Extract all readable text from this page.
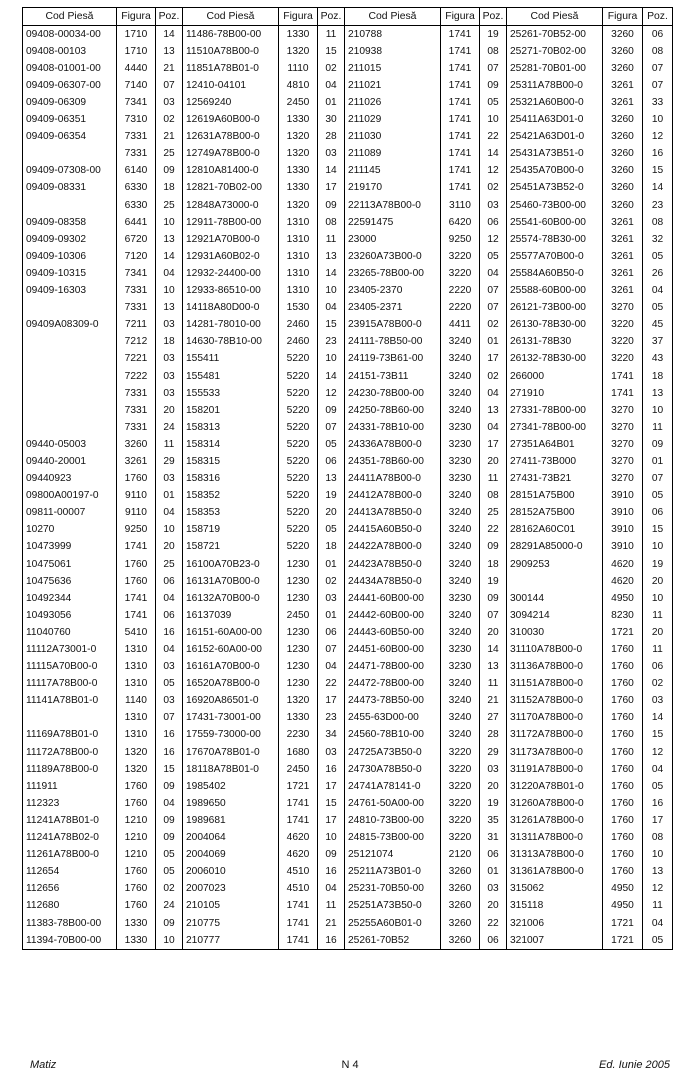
Cod Piesă	Figura	Poz.	Cod Piesă	Figura	Poz.	Cod Piesă	Figura	Poz.	Cod Piesă	Figura	Poz.
09408-00034-00	1710	14	11486-78B00-00	1330	11	210788	1741	19	25261-70B52-00	3260	06
09408-00103	1710	13	11510A78B00-0	1320	15	210938	1741	08	25271-70B02-00	3260	08
09408-01001-00	4440	21	11851A78B01-0	1110	02	211015	1741	07	25281-70B01-00	3260	07
09409-06307-00	7140	07	12410-04101	4810	04	211021	1741	09	25311A78B00-0	3261	07
09409-06309	7341	03	12569240	2450	01	211026	1741	05	25321A60B00-0	3261	33
09409-06351	7310	02	12619A60B00-0	1330	30	211029	1741	10	25411A63D01-0	3260	10
09409-06354	7331	21	12631A78B00-0	1320	28	211030	1741	22	25421A63D01-0	3260	12
	7331	25	12749A78B00-0	1320	03	211089	1741	14	25431A73B51-0	3260	16
09409-07308-00	6140	09	12810A81400-0	1330	14	211145	1741	12	25435A70B00-0	3260	15
09409-08331	6330	18	12821-70B02-00	1330	17	219170	1741	02	25451A73B52-0	3260	14
	6330	25	12848A73000-0	1320	09	22113A78B00-0	3110	03	25460-73B00-00	3260	23
09409-08358	6441	10	12911-78B00-00	1310	08	22591475	6420	06	25541-60B00-00	3261	08
09409-09302	6720	13	12921A70B00-0	1310	11	23000	9250	12	25574-78B30-00	3261	32
09409-10306	7120	14	12931A60B02-0	1310	13	23260A73B00-0	3220	05	25577A70B00-0	3261	05
09409-10315	7341	04	12932-24400-00	1310	14	23265-78B00-00	3220	04	25584A60B50-0	3261	26
09409-16303	7331	10	12933-86510-00	1310	10	23405-2370	2220	07	25588-60B00-00	3261	04
	7331	13	14118A80D00-0	1530	04	23405-2371	2220	07	26121-73B00-00	3270	05
09409A08309-0	7211	03	14281-78010-00	2460	15	23915A78B00-0	4411	02	26130-78B30-00	3220	45
	7212	18	14630-78B10-00	2460	23	24111-78B50-00	3240	01	26131-78B30	3220	37
	7221	03	155411	5220	10	24119-73B61-00	3240	17	26132-78B30-00	3220	43
	7222	03	155481	5220	14	24151-73B11	3240	02	266000	1741	18
	7331	03	155533	5220	12	24230-78B00-00	3240	04	271910	1741	13
	7331	20	158201	5220	09	24250-78B60-00	3240	13	27331-78B00-00	3270	10
	7331	24	158313	5220	07	24331-78B10-00	3230	04	27341-78B00-00	3270	11
09440-05003	3260	11	158314	5220	05	24336A78B00-0	3230	17	27351A64B01	3270	09
09440-20001	3261	29	158315	5220	06	24351-78B60-00	3230	20	27411-73B000	3270	01
09440923	1760	03	158316	5220	13	24411A78B00-0	3230	11	27431-73B21	3270	07
09800A00197-0	9110	01	158352	5220	19	24412A78B00-0	3240	08	28151A75B00	3910	05
09811-00007	9110	04	158353	5220	20	24413A78B50-0	3240	25	28152A75B00	3910	06
10270	9250	10	158719	5220	05	24415A60B50-0	3240	22	28162A60C01	3910	15
10473999	1741	20	158721	5220	18	24422A78B00-0	3240	09	28291A85000-0	3910	10
10475061	1760	25	16100A70B23-0	1230	01	24423A78B50-0	3240	18	2909253	4620	19
10475636	1760	06	16131A70B00-0	1230	02	24434A78B50-0	3240	19		4620	20
10492344	1741	04	16132A70B00-0	1230	03	24441-60B00-00	3230	09	300144	4950	10
10493056	1741	06	16137039	2450	01	24442-60B00-00	3240	07	3094214	8230	11
11040760	5410	16	16151-60A00-00	1230	06	24443-60B50-00	3240	20	310030	1721	20
11112A73001-0	1310	04	16152-60A00-00	1230	07	24451-60B00-00	3230	14	31110A78B00-0	1760	11
11115A70B00-0	1310	03	16161A70B00-0	1230	04	24471-78B00-00	3230	13	31136A78B00-0	1760	06
11117A78B00-0	1310	05	16520A78B00-0	1230	22	24472-78B00-00	3240	11	31151A78B00-0	1760	02
11141A78B01-0	1140	03	16920A86501-0	1320	17	24473-78B50-00	3240	21	31152A78B00-0	1760	03
	1310	07	17431-73001-00	1330	23	2455-63D00-00	3240	27	31170A78B00-0	1760	14
11169A78B01-0	1310	16	17559-73000-00	2230	34	24560-78B10-00	3240	28	31172A78B00-0	1760	15
11172A78B00-0	1320	16	17670A78B01-0	1680	03	24725A73B50-0	3220	29	31173A78B00-0	1760	12
11189A78B00-0	1320	15	18118A78B01-0	2450	16	24730A78B50-0	3220	03	31191A78B00-0	1760	04
111911	1760	09	1985402	1721	17	24741A78141-0	3220	20	31220A78B01-0	1760	05
112323	1760	04	1989650	1741	15	24761-50A00-00	3220	19	31260A78B00-0	1760	16
11241A78B01-0	1210	09	1989681	1741	17	24810-73B00-00	3220	35	31261A78B00-0	1760	17
11241A78B02-0	1210	09	2004064	4620	10	24815-73B00-00	3220	31	31311A78B00-0	1760	08
11261A78B00-0	1210	05	2004069	4620	09	25121074	2120	06	31313A78B00-0	1760	10
112654	1760	05	2006010	4510	16	25211A73B01-0	3260	01	31361A78B00-0	1760	13
112656	1760	02	2007023	4510	04	25231-70B50-00	3260	03	315062	4950	12
112680	1760	24	210105	1741	11	25251A73B50-0	3260	20	315118	4950	11
11383-78B00-00	1330	09	210775	1741	21	25255A60B01-0	3260	22	321006	1721	04
11394-70B00-00	1330	10	210777	1741	16	25261-70B52	3260	06	321007	1721	05
Matiz	N 4	Ed. Iunie 2005
